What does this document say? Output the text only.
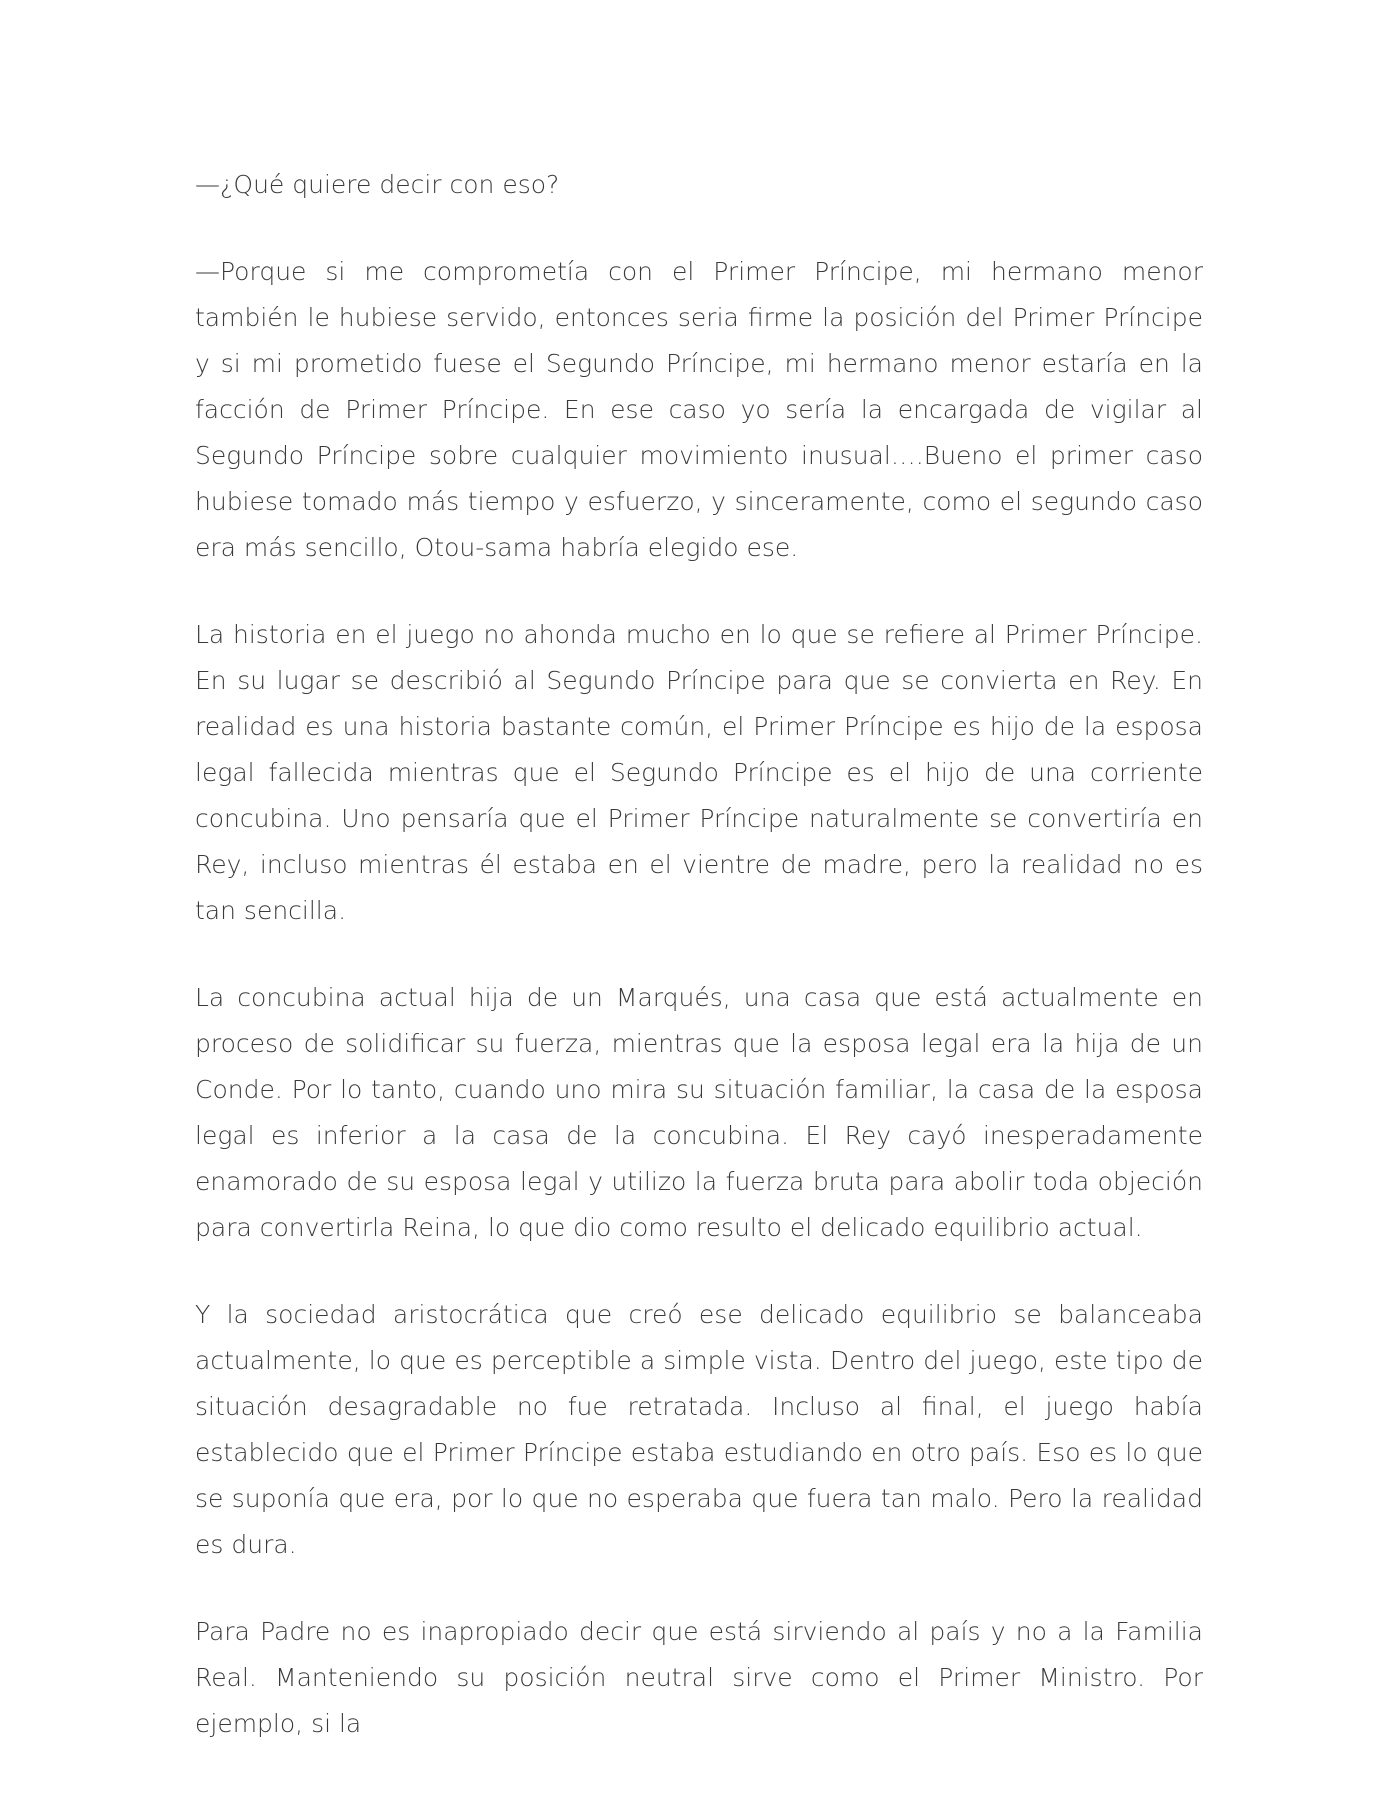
—¿Qué quiere decir con eso?

—Porque si me comprometía con el Primer Príncipe, mi hermano menor también le hubiese servido, entonces seria firme la posición del Primer Príncipe y si mi prometido fuese el Segundo Príncipe, mi hermano menor estaría en la facción de Primer Príncipe. En ese caso yo sería la encargada de vigilar al Segundo Príncipe sobre cualquier movimiento inusual….Bueno el primer caso hubiese tomado más tiempo y esfuerzo, y sinceramente, como el segundo caso era más sencillo, Otou-sama habría elegido ese.

La historia en el juego no ahonda mucho en lo que se refiere al Primer Príncipe. En su lugar se describió al Segundo Príncipe para que se convierta en Rey. En realidad es una historia bastante común, el Primer Príncipe es hijo de la esposa legal fallecida mientras que el Segundo Príncipe es el hijo de una corriente concubina. Uno pensaría que el Primer Príncipe naturalmente se convertiría en Rey, incluso mientras él estaba en el vientre de madre, pero la realidad no es tan sencilla.

La concubina actual hija de un Marqués, una casa que está actualmente en proceso de solidificar su fuerza, mientras que la esposa legal era la hija de un Conde. Por lo tanto, cuando uno mira su situación familiar, la casa de la esposa legal es inferior a la casa de la concubina. El Rey cayó inesperadamente enamorado de su esposa legal y utilizo la fuerza bruta para abolir toda objeción para convertirla Reina, lo que dio como resulto el delicado equilibrio actual.

Y la sociedad aristocrática que creó ese delicado equilibrio se balanceaba actualmente, lo que es perceptible a simple vista. Dentro del juego, este tipo de situación desagradable no fue retratada. Incluso al final, el juego había establecido que el Primer Príncipe estaba estudiando en otro país. Eso es lo que se suponía que era, por lo que no esperaba que fuera tan malo. Pero la realidad es dura.

Para Padre no es inapropiado decir que está sirviendo al país y no a la Familia Real. Manteniendo su posición neutral sirve como el Primer Ministro. Por ejemplo, si la
